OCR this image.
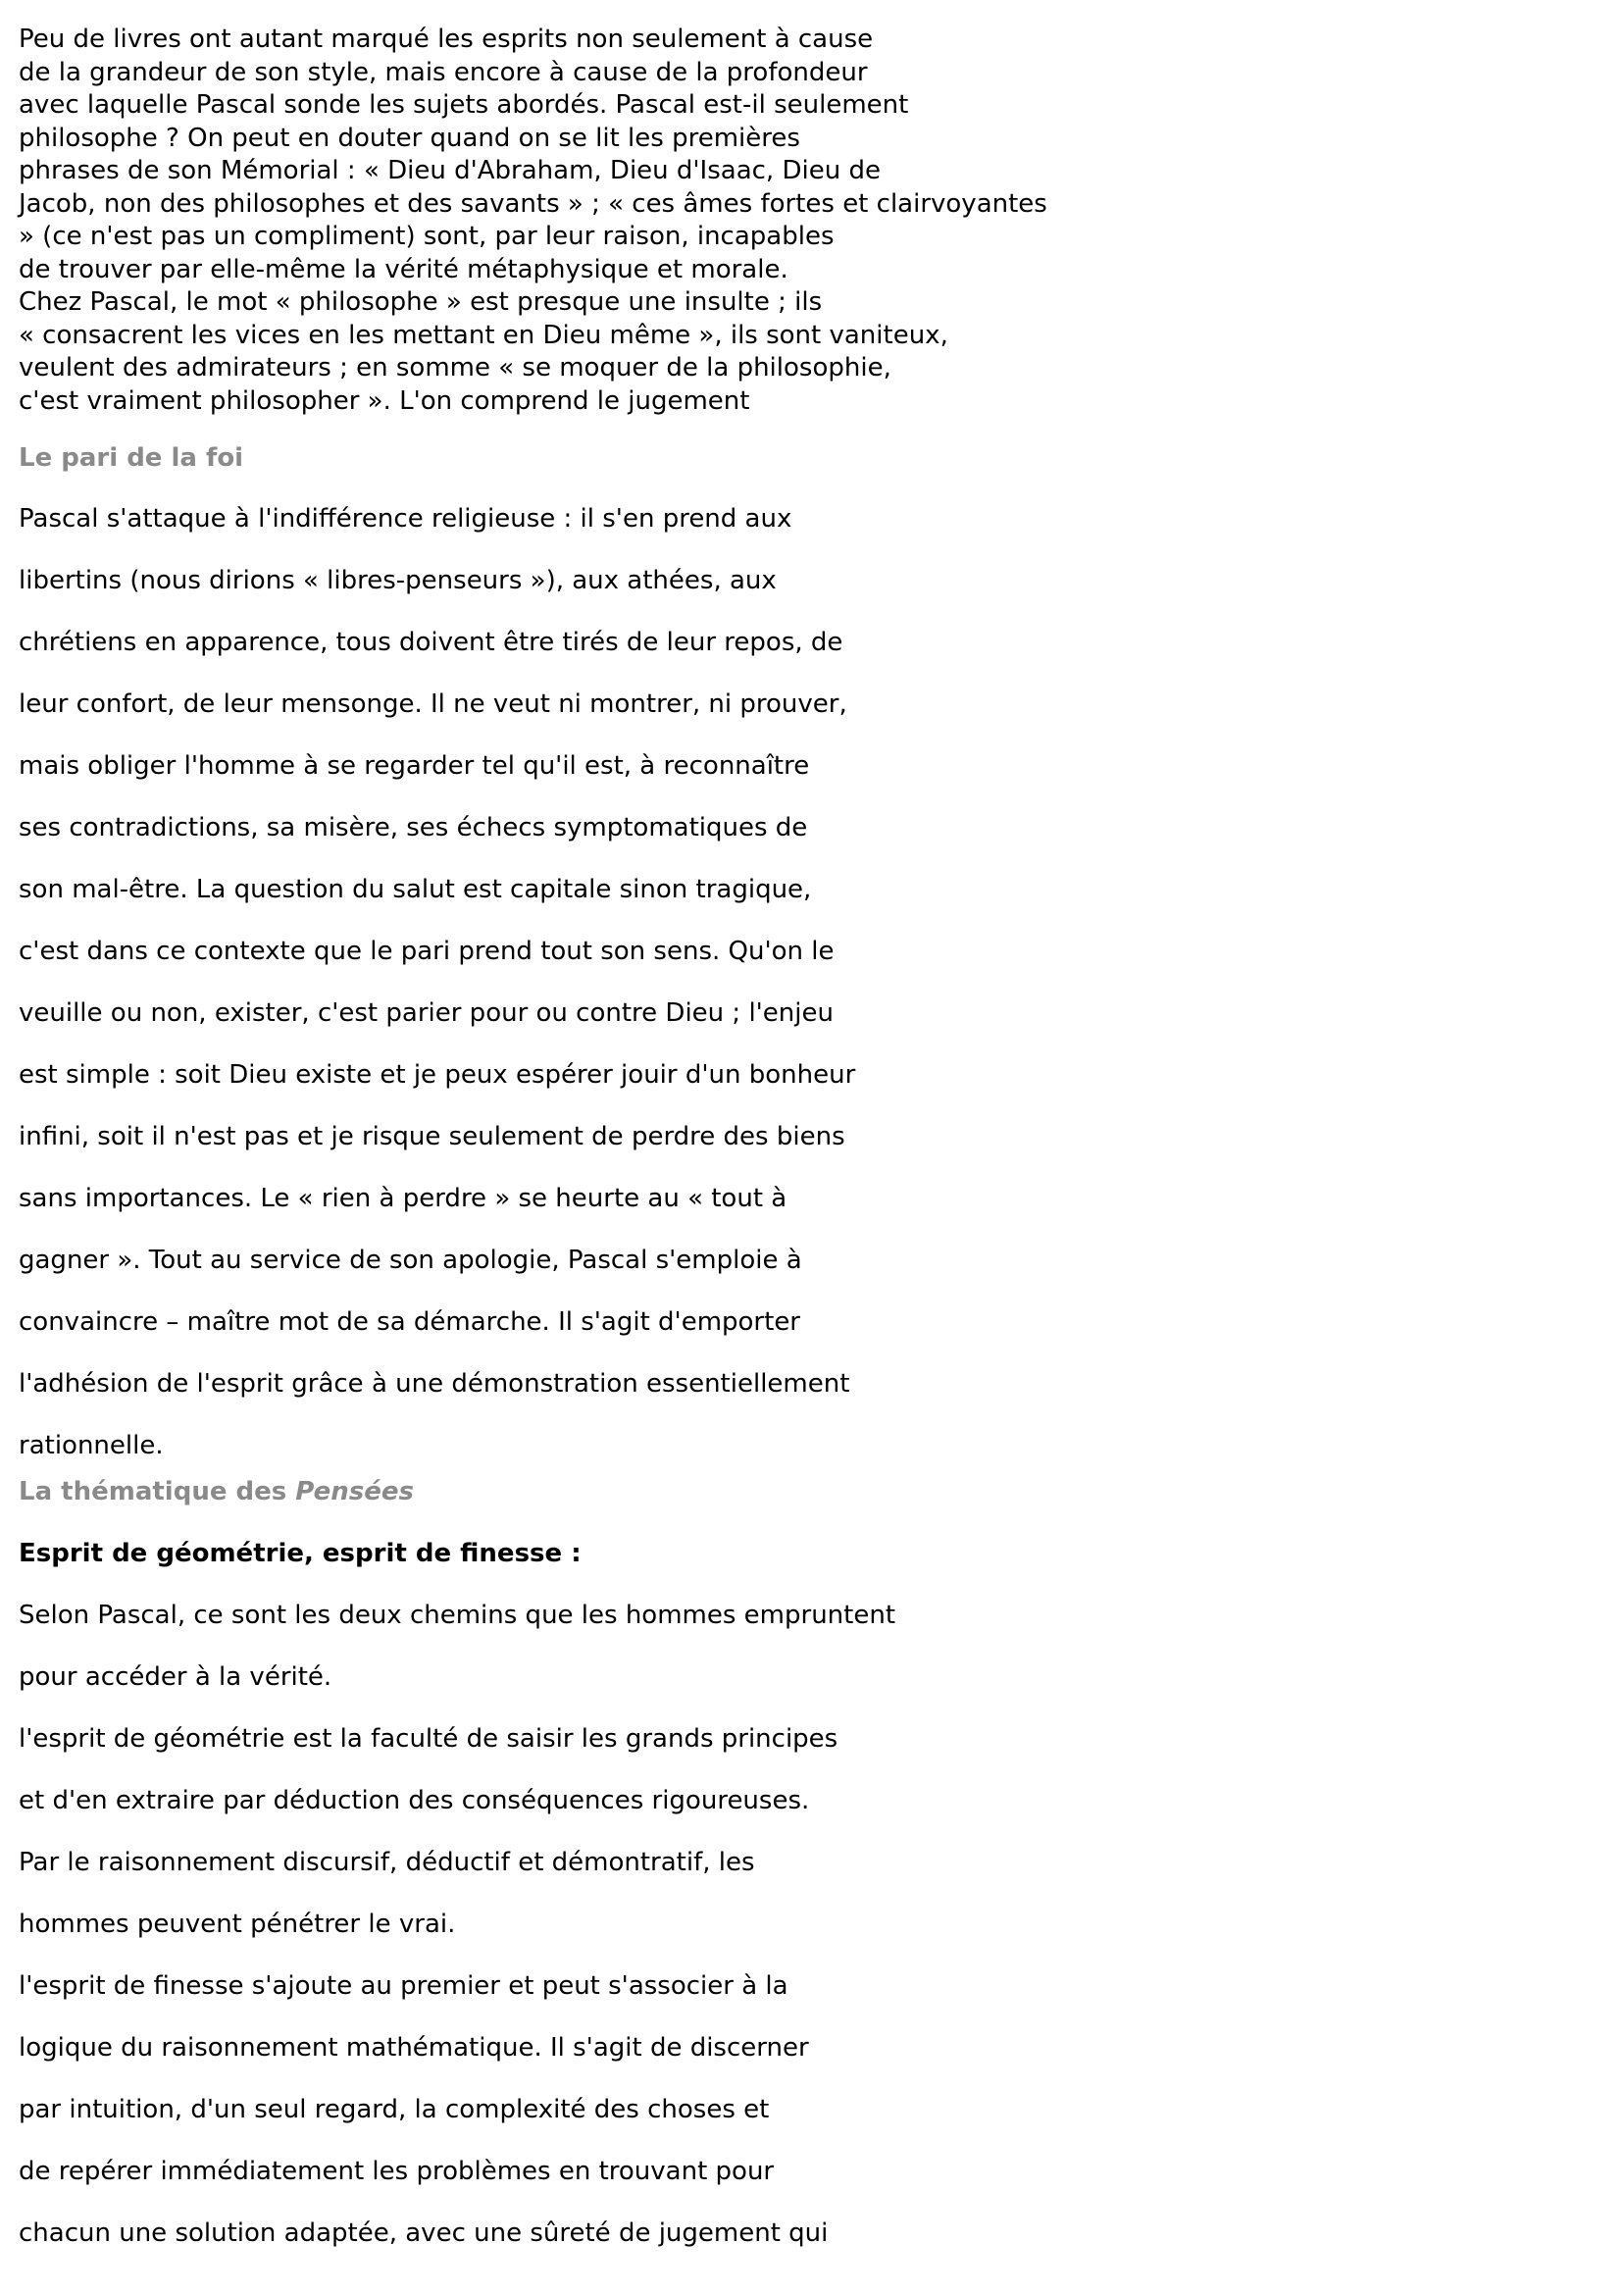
Peu de livres ont autant marqué les esprits non seulement à cause
de la grandeur de son style, mais encore à cause de la profondeur
avec laquelle Pascal sonde les sujets abordés. Pascal est-il seulement
philosophe ? On peut en douter quand on se lit les premières
phrases de son Mémorial : « Dieu d'Abraham, Dieu d'Isaac, Dieu de
Jacob, non des philosophes et des savants » ; « ces âmes fortes et clairvoyantes
» (ce n'est pas un compliment) sont, par leur raison, incapables
de trouver par elle-même la vérité métaphysique et morale.
Chez Pascal, le mot « philosophe » est presque une insulte ; ils
« consacrent les vices en les mettant en Dieu même », ils sont vaniteux,
veulent des admirateurs ; en somme « se moquer de la philosophie,
c'est vraiment philosopher ». L'on comprend le jugement
Le pari de la foi
Pascal s'attaque à l'indifférence religieuse : il s'en prend aux
libertins (nous dirions « libres-penseurs »), aux athées, aux
chrétiens en apparence, tous doivent être tirés de leur repos, de
leur confort, de leur mensonge. Il ne veut ni montrer, ni prouver,
mais obliger l'homme à se regarder tel qu'il est, à reconnaître
ses contradictions, sa misère, ses échecs symptomatiques de
son mal-être. La question du salut est capitale sinon tragique,
c'est dans ce contexte que le pari prend tout son sens. Qu'on le
veuille ou non, exister, c'est parier pour ou contre Dieu ; l'enjeu
est simple : soit Dieu existe et je peux espérer jouir d'un bonheur
infini, soit il n'est pas et je risque seulement de perdre des biens
sans importances. Le « rien à perdre » se heurte au « tout à
gagner ». Tout au service de son apologie, Pascal s'emploie à
convaincre – maître mot de sa démarche. Il s'agit d'emporter
l'adhésion de l'esprit grâce à une démonstration essentiellement
rationnelle.
La thématique des Pensées
Esprit de géométrie, esprit de finesse :
Selon Pascal, ce sont les deux chemins que les hommes empruntent
pour accéder à la vérité.
l'esprit de géométrie est la faculté de saisir les grands principes
et d'en extraire par déduction des conséquences rigoureuses.
Par le raisonnement discursif, déductif et démontratif, les
hommes peuvent pénétrer le vrai.
l'esprit de finesse s'ajoute au premier et peut s'associer à la
logique du raisonnement mathématique. Il s'agit de discerner
par intuition, d'un seul regard, la complexité des choses et
de repérer immédiatement les problèmes en trouvant pour
chacun une solution adaptée, avec une sûreté de jugement qui
